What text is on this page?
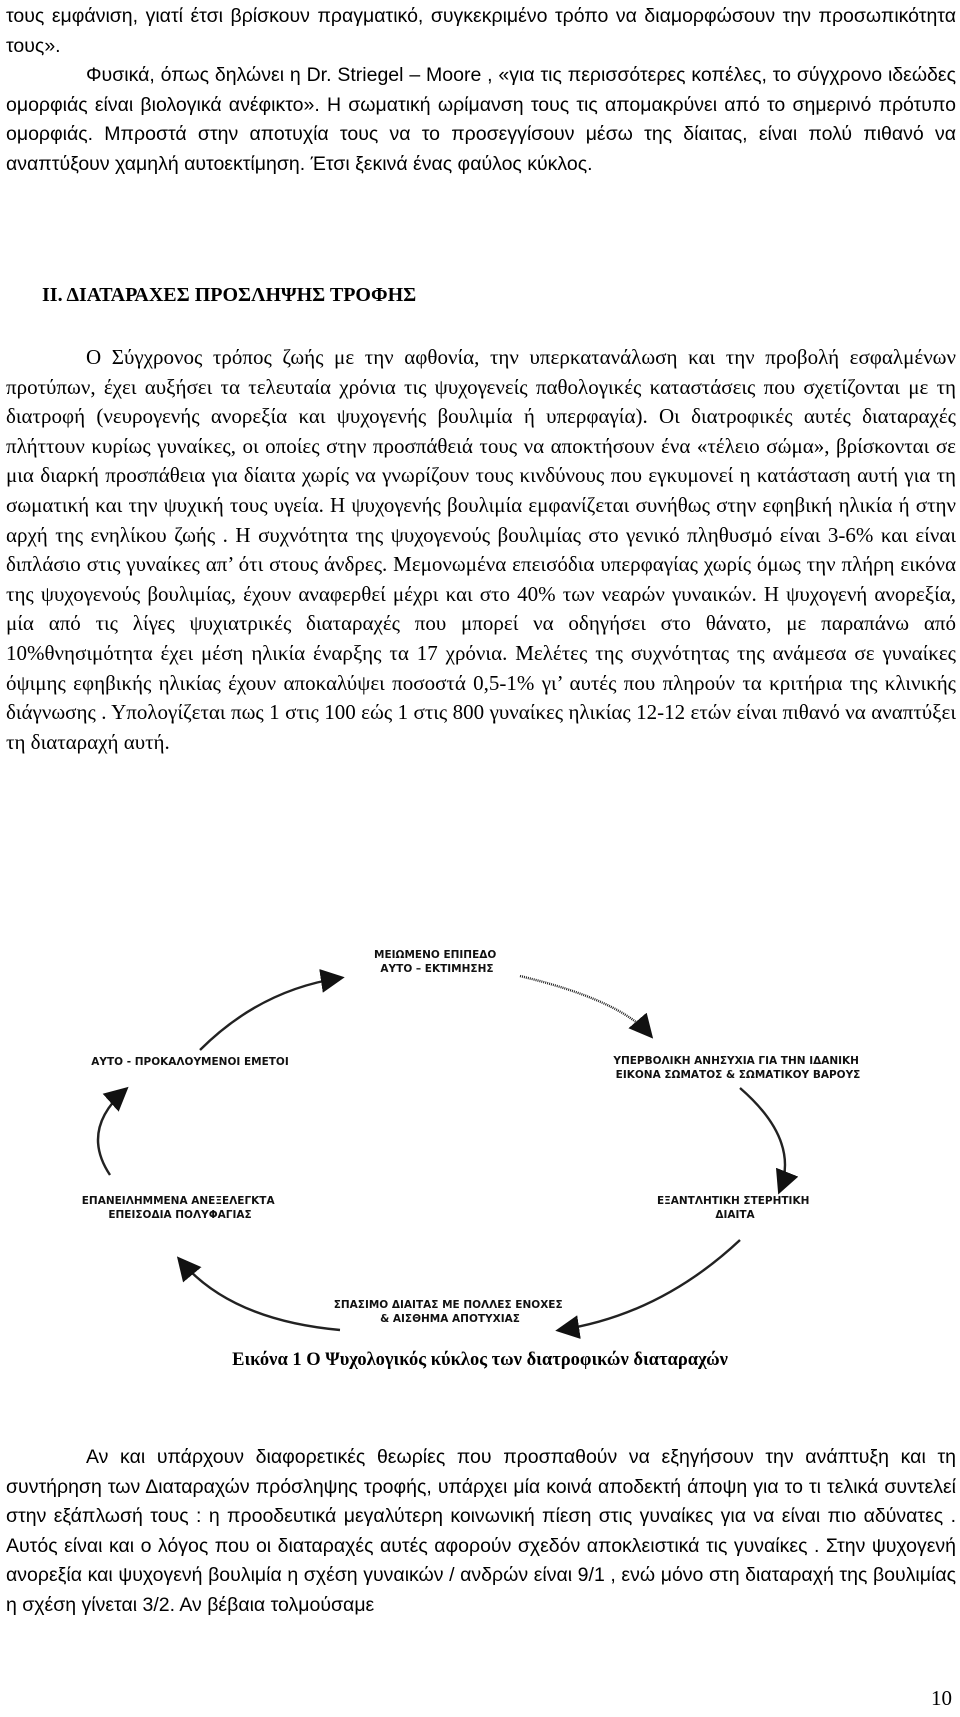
τους εμφάνιση, γιατί έτσι βρίσκουν πραγματικό, συγκεκριμένο τρόπο να διαμορφώσουν την προσωπικότητα τους».

Φυσικά, όπως δηλώνει η Dr. Striegel – Moore , «για τις περισσότερες κοπέλες, το σύγχρονο ιδεώδες ομορφιάς είναι βιολογικά ανέφικτο». Η σωματική ωρίμανση τους τις απομακρύνει από το σημερινό πρότυπο ομορφιάς. Μπροστά στην αποτυχία τους να το προσεγγίσουν μέσω της δίαιτας, είναι πολύ πιθανό να αναπτύξουν χαμηλή αυτοεκτίμηση. Έτσι ξεκινά ένας φαύλος κύκλος.

ΙΙ. ΔΙΑΤΑΡΑΧΕΣ ΠΡΟΣΛΗΨΗΣ ΤΡΟΦΗΣ

Ο Σύγχρονος τρόπος ζωής με την αφθονία, την υπερκατανάλωση και την προβολή εσφαλμένων προτύπων, έχει αυξήσει τα τελευταία χρόνια τις ψυχογενείς παθολογικές καταστάσεις που σχετίζονται με τη διατροφή (νευρογενής ανορεξία και ψυχογενής βουλιμία ή υπερφαγία). Οι διατροφικές αυτές διαταραχές πλήττουν κυρίως γυναίκες, οι οποίες στην προσπάθειά τους να αποκτήσουν ένα «τέλειο σώμα», βρίσκονται σε μια διαρκή προσπάθεια για δίαιτα χωρίς να γνωρίζουν τους κινδύνους που εγκυμονεί η κατάσταση αυτή για τη σωματική και την ψυχική τους υγεία. Η ψυχογενής βουλιμία εμφανίζεται συνήθως στην εφηβική ηλικία ή στην αρχή της ενηλίκου ζωής . Η συχνότητα της ψυχογενούς βουλιμίας στο γενικό πληθυσμό είναι 3-6% και είναι διπλάσιο στις γυναίκες απ’ ότι στους άνδρες. Μεμονωμένα επεισόδια υπερφαγίας χωρίς όμως την πλήρη εικόνα της ψυχογενούς βουλιμίας, έχουν αναφερθεί μέχρι και στο 40% των νεαρών γυναικών. Η ψυχογενή ανορεξία, μία από τις λίγες ψυχιατρικές διαταραχές που μπορεί να οδηγήσει στο θάνατο, με παραπάνω από 10%θνησιμότητα έχει μέση ηλικία έναρξης τα 17 χρόνια. Μελέτες της συχνότητας της ανάμεσα σε γυναίκες όψιμης εφηβικής ηλικίας έχουν αποκαλύψει ποσοστά 0,5-1% γι’ αυτές που πληρούν τα κριτήρια της κλινικής διάγνωσης . Υπολογίζεται πως 1 στις 100 εώς 1 στις 800 γυναίκες ηλικίας 12-12 ετών είναι πιθανό να αναπτύξει τη διαταραχή αυτή.

ΜΕΙΩΜΕΝΟ ΕΠΙΠΕΔΟ ΑΥΤΟ – ΕΚΤΙΜΗΣΗΣ
ΥΠΕΡΒΟΛΙΚΗ ΑΝΗΣΥΧΙΑ ΓΙΑ ΤΗΝ ΙΔΑΝΙΚΗ ΕΙΚΟΝΑ ΣΩΜΑΤΟΣ & ΣΩΜΑΤΙΚΟΥ ΒΑΡΟΥΣ
ΕΞΑΝΤΛΗΤΙΚΗ ΣΤΕΡΗΤΙΚΗ ΔΙΑΙΤΑ
ΣΠΑΣΙΜΟ ΔΙΑΙΤΑΣ ΜΕ ΠΟΛΛΕΣ ΕΝΟΧΕΣ & ΑΙΣΘΗΜΑ ΑΠΟΤΥΧΙΑΣ
ΕΠΑΝΕΙΛΗΜΜΕΝΑ ΑΝΕΞΕΛΕΓΚΤΑ ΕΠΕΙΣΟΔΙΑ ΠΟΛΥΦΑΓΙΑΣ
ΑΥΤΟ - ΠΡΟΚΑΛΟΥΜΕΝΟΙ ΕΜΕΤΟΙ

Εικόνα 1 Ο Ψυχολογικός κύκλος των διατροφικών διαταραχών

Αν και υπάρχουν διαφορετικές θεωρίες που προσπαθούν να εξηγήσουν την ανάπτυξη και τη συντήρηση των Διαταραχών πρόσληψης τροφής, υπάρχει μία κοινά αποδεκτή άποψη για το τι τελικά συντελεί στην εξάπλωσή τους : η προοδευτικά μεγαλύτερη κοινωνική πίεση στις γυναίκες για να είναι πιο αδύνατες . Αυτός είναι και ο λόγος που οι διαταραχές αυτές αφορούν σχεδόν αποκλειστικά τις γυναίκες . Στην ψυχογενή ανορεξία και ψυχογενή βουλιμία η σχέση γυναικών / ανδρών είναι 9/1 , ενώ μόνο στη διαταραχή της βουλιμίας η σχέση γίνεται 3/2. Αν βέβαια τολμούσαμε

10
